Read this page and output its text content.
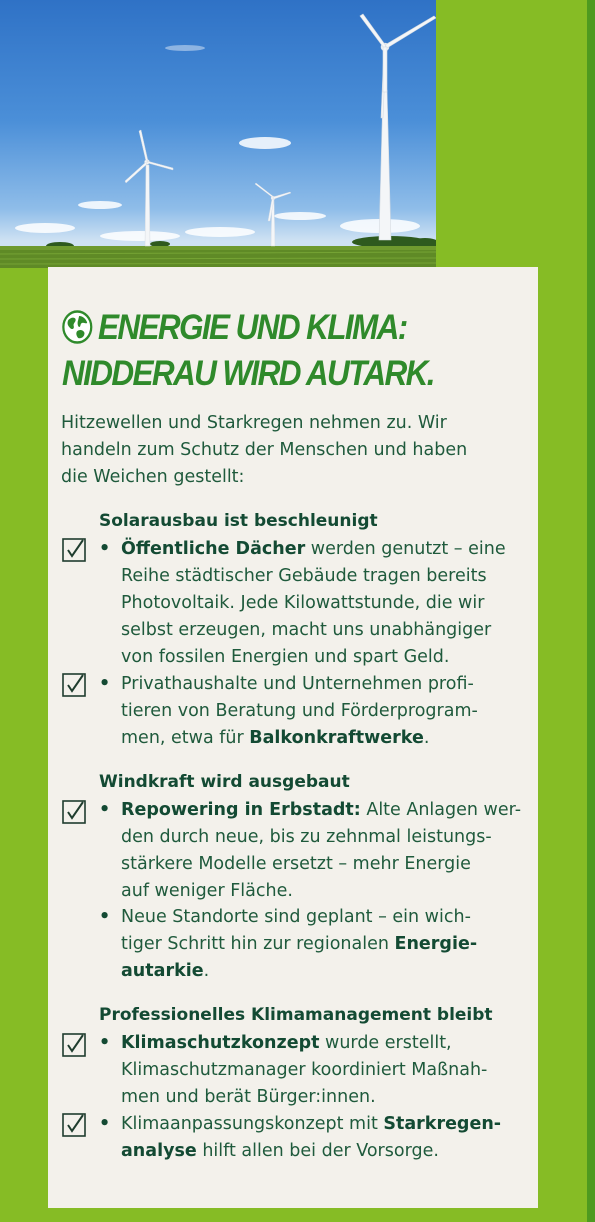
ENERGIE UND KLIMA:
NIDDERAU WIRD AUTARK.
Hitzewellen und Starkregen nehmen zu. Wir
handeln zum Schutz der Menschen und haben
die Weichen gestellt:
Solarausbau ist beschleunigt
• Öffentliche Dächer werden genutzt – eine
Reihe städtischer Gebäude tragen bereits
Photovoltaik. Jede Kilowattstunde, die wir
selbst erzeugen, macht uns unabhängiger
von fossilen Energien und spart Geld.
• Privathaushalte und Unternehmen profi-
tieren von Beratung und Förderprogram-
men, etwa für Balkonkraftwerke.
Windkraft wird ausgebaut
• Repowering in Erbstadt: Alte Anlagen wer-
den durch neue, bis zu zehnmal leistungs-
stärkere Modelle ersetzt – mehr Energie
auf weniger Fläche.
• Neue Standorte sind geplant – ein wich-
tiger Schritt hin zur regionalen Energie-
autarkie.
Professionelles Klimamanagement bleibt
• Klimaschutzkonzept wurde erstellt,
Klimaschutzmanager koordiniert Maßnah-
men und berät Bürger:innen.
• Klimaanpassungskonzept mit Starkregen-
analyse hilft allen bei der Vorsorge.
